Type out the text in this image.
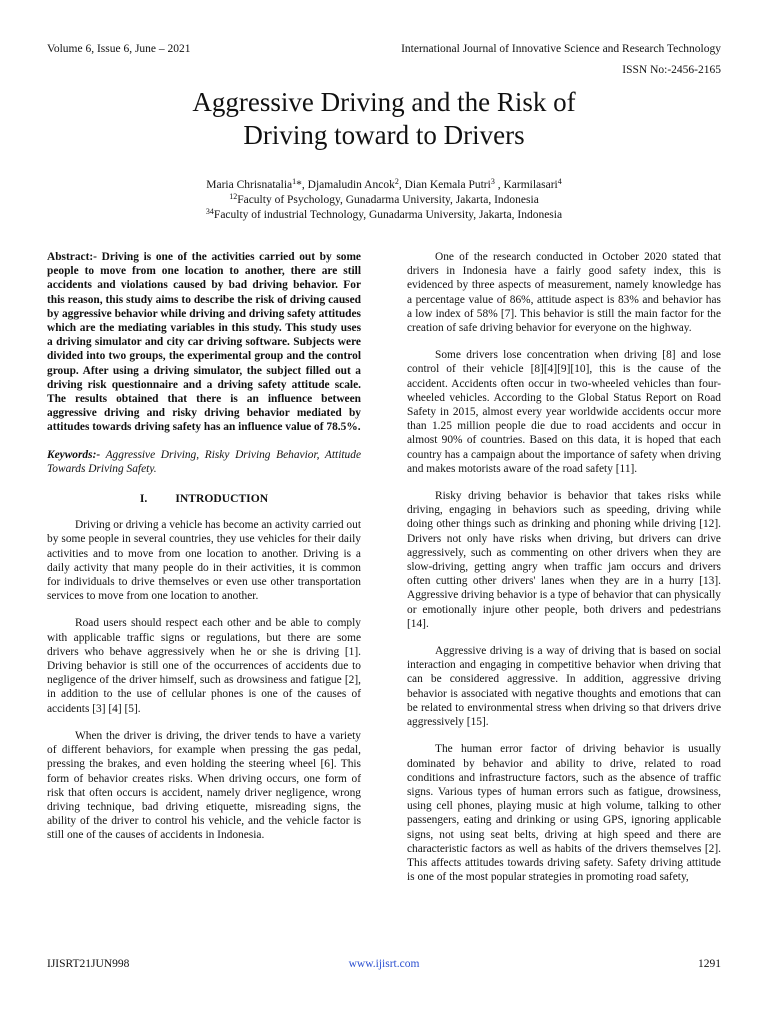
Volume 6, Issue 6, June – 2021	International Journal of Innovative Science and Research Technology
ISSN No:-2456-2165
Aggressive Driving and the Risk of
Driving toward to Drivers
Maria Chrisnatalia$^1$*, Djamaludin Ancok$^2$, Dian Kemala Putri$^3$ , Karmilasari$^4$
$^{12}$Faculty of Psychology, Gunadarma University, Jakarta, Indonesia
$^{34}$Faculty of industrial Technology, Gunadarma University, Jakarta, Indonesia

Abstract:- Driving is one of the activities carried out by some people to move from one location to another, there are still accidents and violations caused by bad driving behavior. For this reason, this study aims to describe the risk of driving caused by aggressive behavior while driving and driving safety attitudes which are the mediating variables in this study. This study uses a driving simulator and city car driving software. Subjects were divided into two groups, the experimental group and the control group. After using a driving simulator, the subject filled out a driving risk questionnaire and a driving safety attitude scale. The results obtained that there is an influence between aggressive driving and risky driving behavior mediated by attitudes towards driving safety has an influence value of 78.5%.

Keywords:- Aggressive Driving, Risky Driving Behavior, Attitude Towards Driving Safety.

I. INTRODUCTION

Driving or driving a vehicle has become an activity carried out by some people in several countries, they use vehicles for their daily activities and to move from one location to another. Driving is a daily activity that many people do in their activities, it is common for individuals to drive themselves or even use other transportation services to move from one location to another.

Road users should respect each other and be able to comply with applicable traffic signs or regulations, but there are some drivers who behave aggressively when he or she is driving [1]. Driving behavior is still one of the occurrences of accidents due to negligence of the driver himself, such as drowsiness and fatigue [2], in addition to the use of cellular phones is one of the causes of accidents [3] [4] [5].

When the driver is driving, the driver tends to have a variety of different behaviors, for example when pressing the gas pedal, pressing the brakes, and even holding the steering wheel [6]. This form of behavior creates risks. When driving occurs, one form of risk that often occurs is accident, namely driver negligence, wrong driving technique, bad driving etiquette, misreading signs, the ability of the driver to control his vehicle, and the vehicle factor is still one of the causes of accidents in Indonesia.

One of the research conducted in October 2020 stated that drivers in Indonesia have a fairly good safety index, this is evidenced by three aspects of measurement, namely knowledge has a percentage value of 86%, attitude aspect is 83% and behavior has a low index of 58% [7]. This behavior is still the main factor for the creation of safe driving behavior for everyone on the highway.

Some drivers lose concentration when driving [8] and lose control of their vehicle [8][4][9][10], this is the cause of the accident. Accidents often occur in two-wheeled vehicles than four-wheeled vehicles. According to the Global Status Report on Road Safety in 2015, almost every year worldwide accidents occur more than 1.25 million people die due to road accidents and occur in almost 90% of countries. Based on this data, it is hoped that each country has a campaign about the importance of safety when driving and makes motorists aware of the road safety [11].

Risky driving behavior is behavior that takes risks while driving, engaging in behaviors such as speeding, driving while doing other things such as drinking and phoning while driving [12]. Drivers not only have risks when driving, but drivers can drive aggressively, such as commenting on other drivers when they are slow-driving, getting angry when traffic jam occurs and drivers often cutting other drivers' lanes when they are in a hurry [13]. Aggressive driving behavior is a type of behavior that can physically or emotionally injure other people, both drivers and pedestrians [14].

Aggressive driving is a way of driving that is based on social interaction and engaging in competitive behavior when driving that can be considered aggressive. In addition, aggressive driving behavior is associated with negative thoughts and emotions that can be related to environmental stress when driving so that drivers drive aggressively [15].

The human error factor of driving behavior is usually dominated by behavior and ability to drive, related to road conditions and infrastructure factors, such as the absence of traffic signs. Various types of human errors such as fatigue, drowsiness, using cell phones, playing music at high volume, talking to other passengers, eating and drinking or using GPS, ignoring applicable signs, not using seat belts, driving at high speed and there are characteristic factors as well as habits of the drivers themselves [2]. This affects attitudes towards driving safety. Safety driving attitude is one of the most popular strategies in promoting road safety,

IJISRT21JUN998	www.ijisrt.com	1291
